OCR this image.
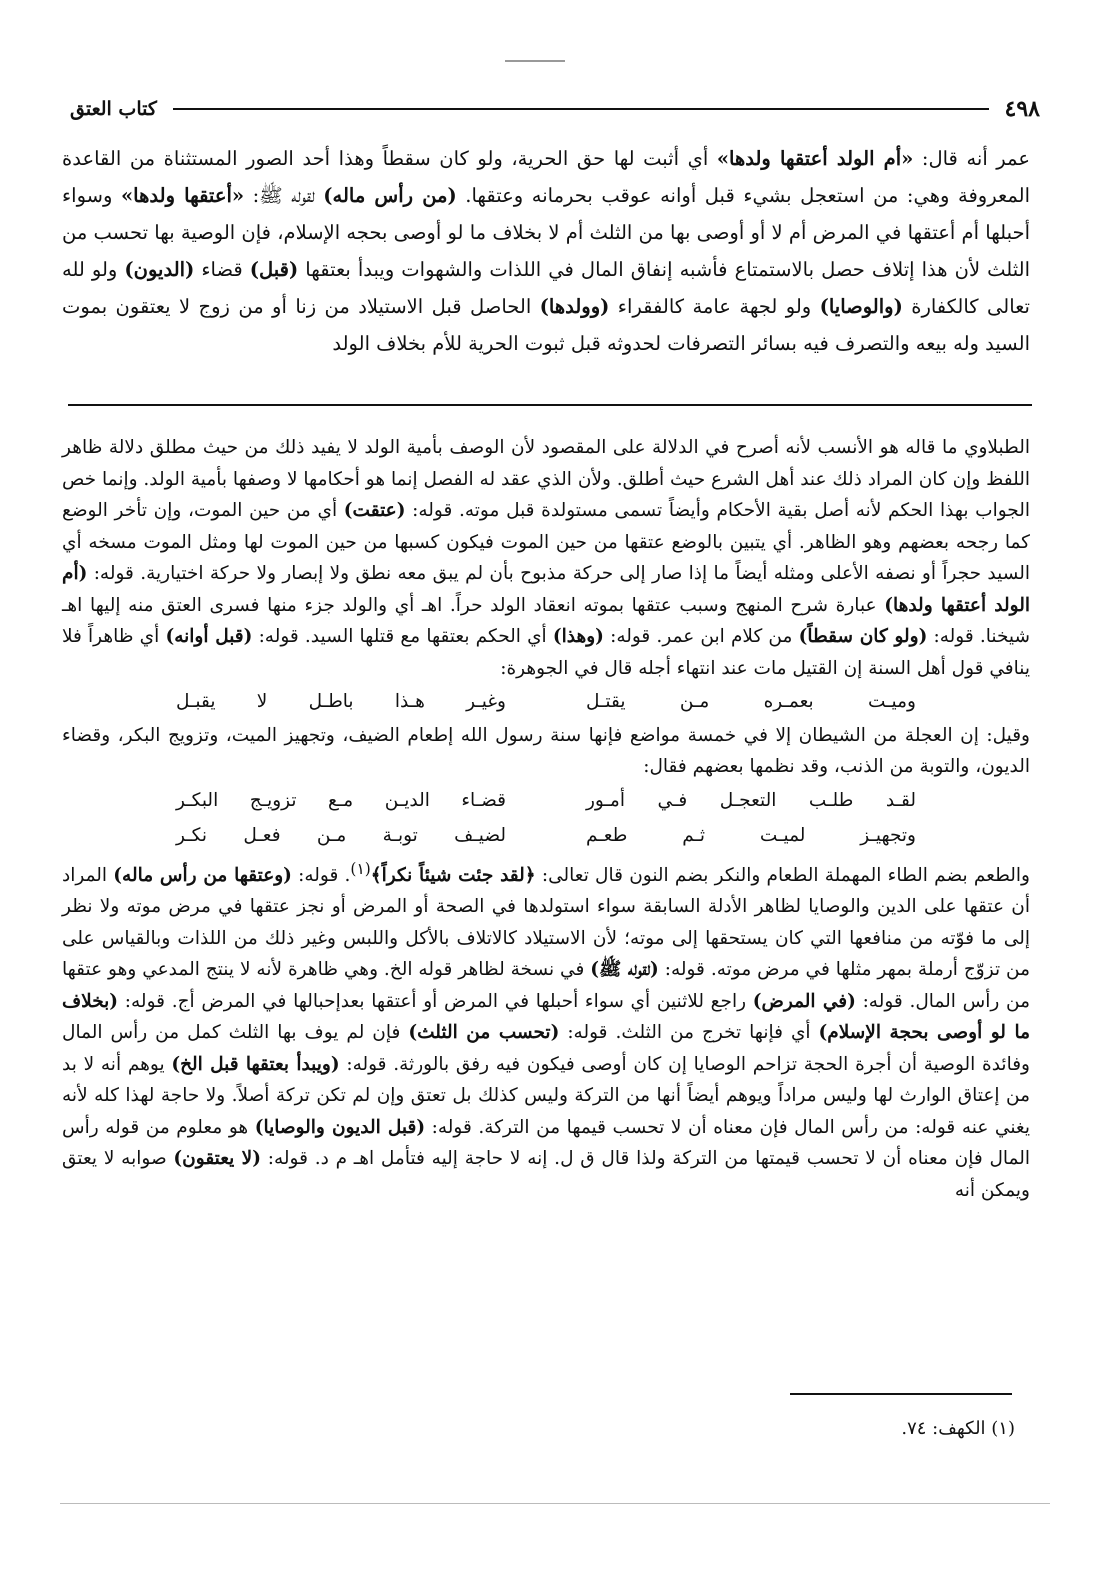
٤٩٨
كتاب العتق
عمر أنه قال: «أم الولد أعتقها ولدها» أي أثبت لها حق الحرية، ولو كان سقطاً وهذا أحد الصور المستثناة من القاعدة المعروفة وهي: من استعجل بشيء قبل أوانه عوقب بحرمانه وعتقها. (من رأس ماله) لقوله ﷺ: «أعتقها ولدها» وسواء أحبلها أم أعتقها في المرض أم لا أو أوصى بها من الثلث أم لا بخلاف ما لو أوصى بحجه الإسلام، فإن الوصية بها تحسب من الثلث لأن هذا إتلاف حصل بالاستمتاع فأشبه إنفاق المال في اللذات والشهوات ويبدأ بعتقها (قبل) قضاء (الديون) ولو لله تعالى كالكفارة (والوصايا) ولو لجهة عامة كالفقراء (وولدها) الحاصل قبل الاستيلاد من زنا أو من زوج لا يعتقون بموت السيد وله بيعه والتصرف فيه بسائر التصرفات لحدوثه قبل ثبوت الحرية للأم بخلاف الولد

الطبلاوي ما قاله هو الأنسب لأنه أصرح في الدلالة على المقصود لأن الوصف بأمية الولد لا يفيد ذلك من حيث مطلق دلالة ظاهر اللفظ وإن كان المراد ذلك عند أهل الشرع حيث أطلق. ولأن الذي عقد له الفصل إنما هو أحكامها لا وصفها بأمية الولد. وإنما خص الجواب بهذا الحكم لأنه أصل بقية الأحكام وأيضاً تسمى مستولدة قبل موته. قوله: (عتقت) أي من حين الموت، وإن تأخر الوضع كما رجحه بعضهم وهو الظاهر. أي يتبين بالوضع عتقها من حين الموت فيكون كسبها من حين الموت لها ومثل الموت مسخه أي السيد حجراً أو نصفه الأعلى ومثله أيضاً ما إذا صار إلى حركة مذبوح بأن لم يبق معه نطق ولا إبصار ولا حركة اختيارية. قوله: (أم الولد أعتقها ولدها) عبارة شرح المنهج وسبب عتقها بموته انعقاد الولد حراً. اهـ أي والولد جزء منها فسرى العتق منه إليها اهـ شيخنا. قوله: (ولو كان سقطاً) من كلام ابن عمر. قوله: (وهذا) أي الحكم بعتقها مع قتلها السيد. قوله: (قبل أوانه) أي ظاهراً فلا ينافي قول أهل السنة إن القتيل مات عند انتهاء أجله قال في الجوهرة:

وميـت بعمـره مـن يقتـل
وغيـر هـذا باطـل لا يقبـل

وقيل: إن العجلة من الشيطان إلا في خمسة مواضع فإنها سنة رسول الله إطعام الضيف، وتجهيز الميت، وتزويج البكر، وقضاء الديون، والتوبة من الذنب، وقد نظمها بعضهم فقال:

لقـد طلـب التعجـل فـي أمـور
قضـاء الديـن مـع تزويـج البكـر
وتجهيـز لميـت ثـم طعـم
لضيـف توبـة مـن فعـل نكـر

والطعم بضم الطاء المهملة الطعام والنكر بضم النون قال تعالى: ﴿لقد جئت شيئاً نكراً﴾$^{(١)}$. قوله: (وعتقها من رأس ماله) المراد أن عتقها على الدين والوصايا لظاهر الأدلة السابقة سواء استولدها في الصحة أو المرض أو نجز عتقها في مرض موته ولا نظر إلى ما فوّته من منافعها التي كان يستحقها إلى موته؛ لأن الاستيلاد كالاتلاف بالأكل واللبس وغير ذلك من اللذات وبالقياس على من تزوّج أرملة بمهر مثلها في مرض موته. قوله: (لقوله ﷺ) في نسخة لظاهر قوله الخ. وهي ظاهرة لأنه لا ينتج المدعي وهو عتقها من رأس المال. قوله: (في المرض) راجع للاثنين أي سواء أحبلها في المرض أو أعتقها بعدإحبالها في المرض أج. قوله: (بخلاف ما لو أوصى بحجة الإسلام) أي فإنها تخرج من الثلث. قوله: (تحسب من الثلث) فإن لم يوف بها الثلث كمل من رأس المال وفائدة الوصية أن أجرة الحجة تزاحم الوصايا إن كان أوصى فيكون فيه رفق بالورثة. قوله: (ويبدأ بعتقها قبل الخ) يوهم أنه لا بد من إعتاق الوارث لها وليس مراداً ويوهم أيضاً أنها من التركة وليس كذلك بل تعتق وإن لم تكن تركة أصلاً. ولا حاجة لهذا كله لأنه يغني عنه قوله: من رأس المال فإن معناه أن لا تحسب قيمها من التركة. قوله: (قبل الديون والوصايا) هو معلوم من قوله رأس المال فإن معناه أن لا تحسب قيمتها من التركة ولذا قال ق ل. إنه لا حاجة إليه فتأمل اهـ م د. قوله: (لا يعتقون) صوابه لا يعتق ويمكن أنه

(١) الكهف: ٧٤.
